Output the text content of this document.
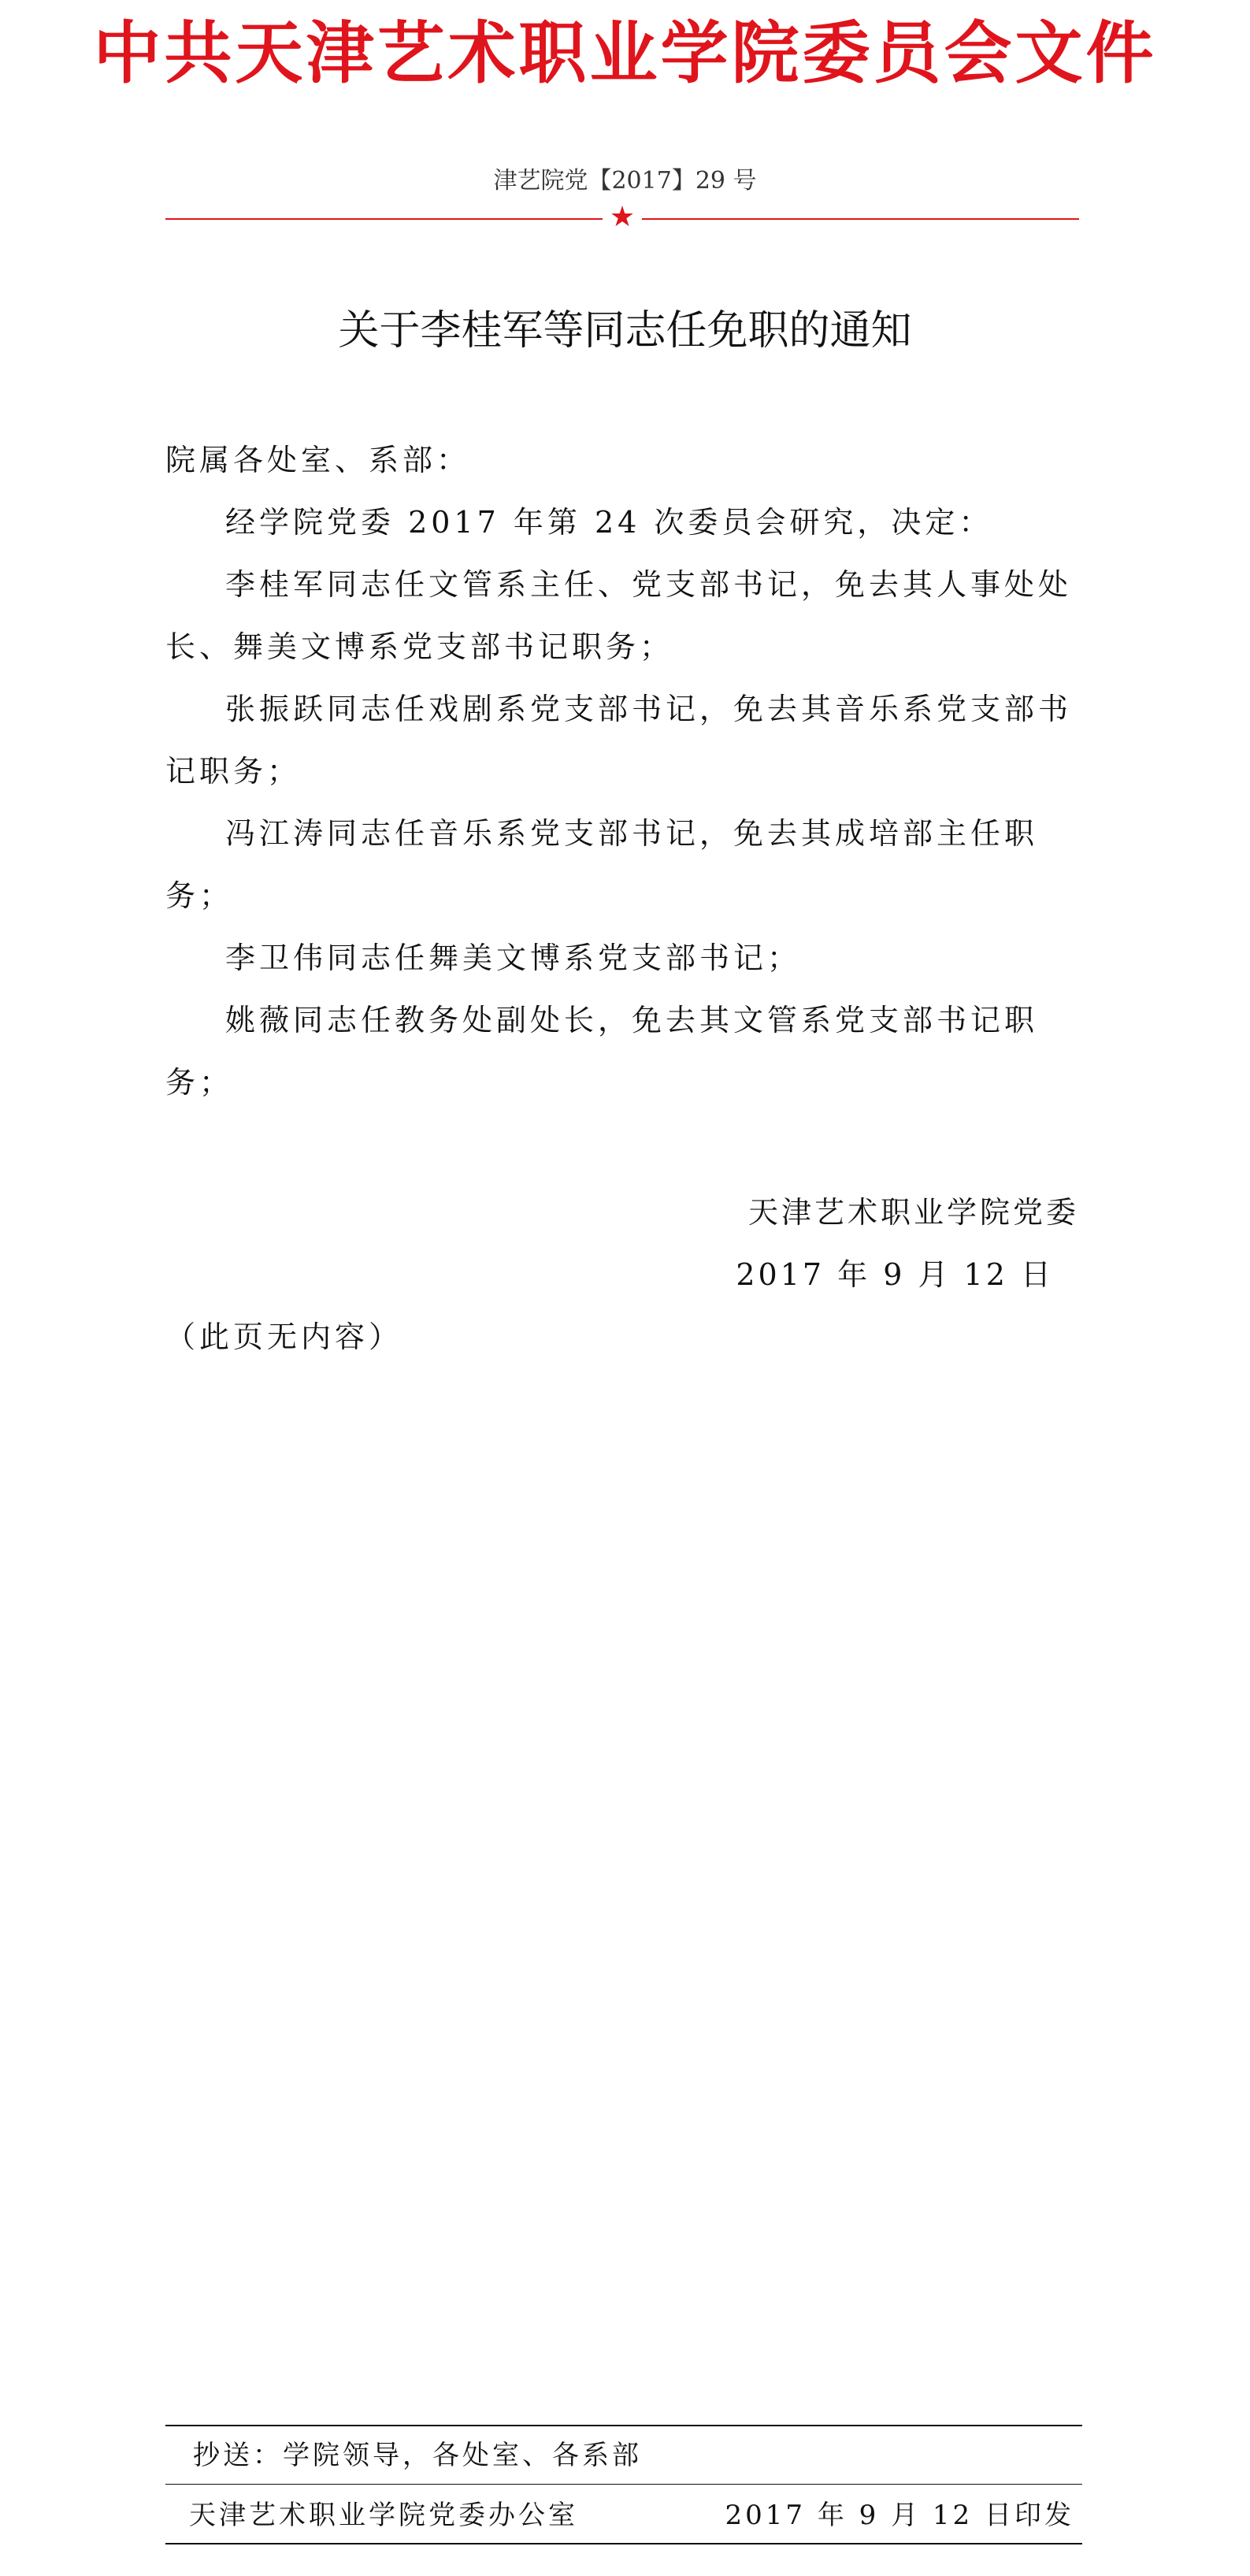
中共天津艺术职业学院委员会文件
津艺院党【2017】29 号
★
关于李桂军等同志任免职的通知

院属各处室、系部：

经学院党委 2017 年第 24 次委员会研究，决定：

李桂军同志任文管系主任、党支部书记，免去其人事处处长、舞美文博系党支部书记职务；

张振跃同志任戏剧系党支部书记，免去其音乐系党支部书记职务；

冯江涛同志任音乐系党支部书记，免去其成培部主任职务；

李卫伟同志任舞美文博系党支部书记；

姚薇同志任教务处副处长，免去其文管系党支部书记职务；

天津艺术职业学院党委
2017 年 9 月 12 日
（此页无内容）
抄送：学院领导，各处室、各系部
天津艺术职业学院党委办公室	2017 年 9 月 12 日印发
